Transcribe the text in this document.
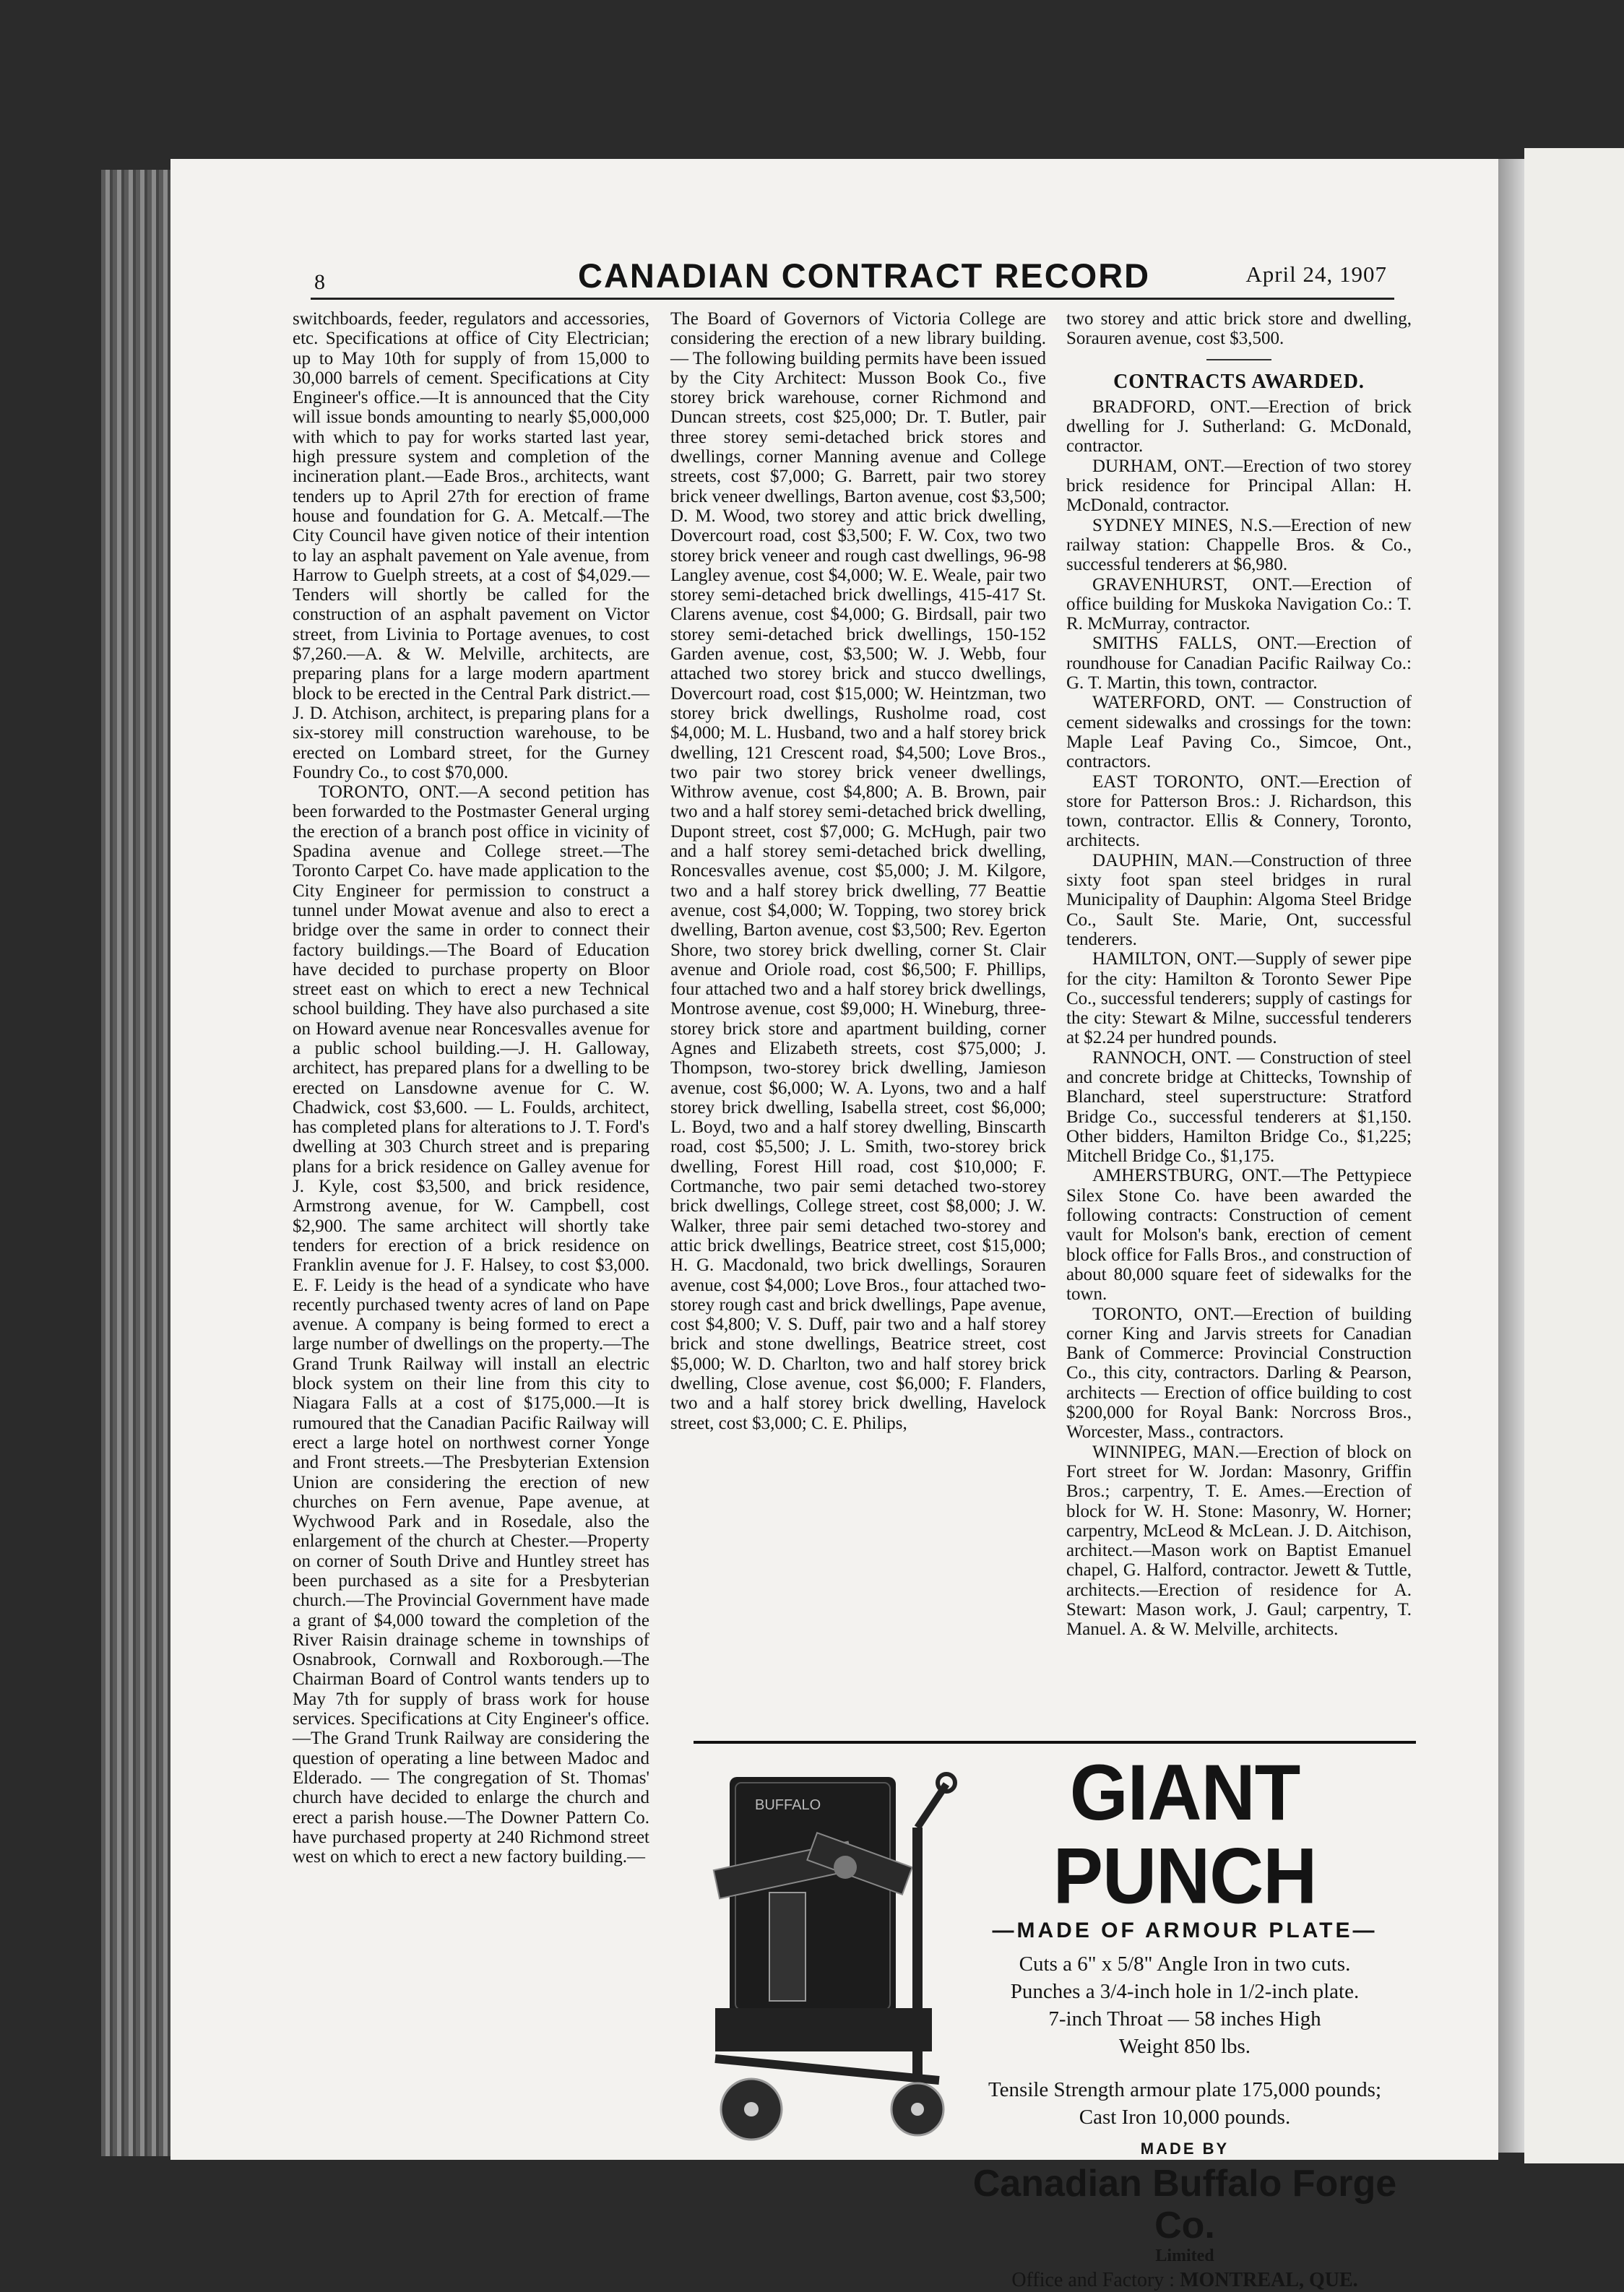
8	CANADIAN CONTRACT RECORD	April 24, 1907

switchboards, feeder, regulators and accessories, etc. Specifications at office of City Electrician; up to May 10th for supply of from 15,000 to 30,000 barrels of cement. Specifications at City Engineer's office.—It is announced that the City will issue bonds amounting to nearly $5,000,000 with which to pay for works started last year, high pressure system and completion of the incineration plant.—Eade Bros., architects, want tenders up to April 27th for erection of frame house and foundation for G. A. Metcalf.—The City Council have given notice of their intention to lay an asphalt pavement on Yale avenue, from Harrow to Guelph streets, at a cost of $4,029.—Tenders will shortly be called for the construction of an asphalt pavement on Victor street, from Livinia to Portage avenues, to cost $7,260.—A. & W. Melville, architects, are preparing plans for a large modern apartment block to be erected in the Central Park district.—J. D. Atchison, architect, is preparing plans for a six-storey mill construction warehouse, to be erected on Lombard street, for the Gurney Foundry Co., to cost $70,000.

TORONTO, ONT.—A second petition has been forwarded to the Postmaster General urging the erection of a branch post office in vicinity of Spadina avenue and College street.—The Toronto Carpet Co. have made application to the City Engineer for permission to construct a tunnel under Mowat avenue and also to erect a bridge over the same in order to connect their factory buildings.—The Board of Education have decided to purchase property on Bloor street east on which to erect a new Technical school building. They have also purchased a site on Howard avenue near Roncesvalles avenue for a public school building.—J. H. Galloway, architect, has prepared plans for a dwelling to be erected on Lansdowne avenue for C. W. Chadwick, cost $3,600. — L. Foulds, architect, has completed plans for alterations to J. T. Ford's dwelling at 303 Church street and is preparing plans for a brick residence on Galley avenue for J. Kyle, cost $3,500, and brick residence, Armstrong avenue, for W. Campbell, cost $2,900. The same architect will shortly take tenders for erection of a brick residence on Franklin avenue for J. F. Halsey, to cost $3,000. E. F. Leidy is the head of a syndicate who have recently purchased twenty acres of land on Pape avenue. A company is being formed to erect a large number of dwellings on the property.—The Grand Trunk Railway will install an electric block system on their line from this city to Niagara Falls at a cost of $175,000.—It is rumoured that the Canadian Pacific Railway will erect a large hotel on northwest corner Yonge and Front streets.—The Presbyterian Extension Union are considering the erection of new churches on Fern avenue, Pape avenue, at Wychwood Park and in Rosedale, also the enlargement of the church at Chester.—Property on corner of South Drive and Huntley street has been purchased as a site for a Presbyterian church.—The Provincial Government have made a grant of $4,000 toward the completion of the River Raisin drainage scheme in townships of Osnabrook, Cornwall and Roxborough.—The Chairman Board of Control wants tenders up to May 7th for supply of brass work for house services. Specifications at City Engineer's office.—The Grand Trunk Railway are considering the question of operating a line between Madoc and Elderado. — The congregation of St. Thomas' church have decided to enlarge the church and erect a parish house.—The Downer Pattern Co. have purchased property at 240 Richmond street west on which to erect a new factory building.—

The Board of Governors of Victoria College are considering the erection of a new library building. — The following building permits have been issued by the City Architect: Musson Book Co., five storey brick warehouse, corner Richmond and Duncan streets, cost $25,000; Dr. T. Butler, pair three storey semi-detached brick stores and dwellings, corner Manning avenue and College streets, cost $7,000; G. Barrett, pair two storey brick veneer dwellings, Barton avenue, cost $3,500; D. M. Wood, two storey and attic brick dwelling, Dovercourt road, cost $3,500; F. W. Cox, two two storey brick veneer and rough cast dwellings, 96-98 Langley avenue, cost $4,000; W. E. Weale, pair two storey semi-detached brick dwellings, 415-417 St. Clarens avenue, cost $4,000; G. Birdsall, pair two storey semi-detached brick dwellings, 150-152 Garden avenue, cost, $3,500; W. J. Webb, four attached two storey brick and stucco dwellings, Dovercourt road, cost $15,000; W. Heintzman, two storey brick dwellings, Rusholme road, cost $4,000; M. L. Husband, two and a half storey brick dwelling, 121 Crescent road, $4,500; Love Bros., two pair two storey brick veneer dwellings, Withrow avenue, cost $4,800; A. B. Brown, pair two and a half storey semi-detached brick dwelling, Dupont street, cost $7,000; G. McHugh, pair two and a half storey semi-detached brick dwelling, Roncesvalles avenue, cost $5,000; J. M. Kilgore, two and a half storey brick dwelling, 77 Beattie avenue, cost $4,000; W. Topping, two storey brick dwelling, Barton avenue, cost $3,500; Rev. Egerton Shore, two storey brick dwelling, corner St. Clair avenue and Oriole road, cost $6,500; F. Phillips, four attached two and a half storey brick dwellings, Montrose avenue, cost $9,000; H. Wineburg, three-storey brick store and apartment building, corner Agnes and Elizabeth streets, cost $75,000; J. Thompson, two-storey brick dwelling, Jamieson avenue, cost $6,000; W. A. Lyons, two and a half storey brick dwelling, Isabella street, cost $6,000; L. Boyd, two and a half storey dwelling, Binscarth road, cost $5,500; J. L. Smith, two-storey brick dwelling, Forest Hill road, cost $10,000; F. Cortmanche, two pair semi detached two-storey brick dwellings, College street, cost $8,000; J. W. Walker, three pair semi detached two-storey and attic brick dwellings, Beatrice street, cost $15,000; H. G. Macdonald, two brick dwellings, Sorauren avenue, cost $4,000; Love Bros., four attached two-storey rough cast and brick dwellings, Pape avenue, cost $4,800; V. S. Duff, pair two and a half storey brick and stone dwellings, Beatrice street, cost $5,000; W. D. Charlton, two and half storey brick dwelling, Close avenue, cost $6,000; F. Flanders, two and a half storey brick dwelling, Havelock street, cost $3,000; C. E. Philips,

two storey and attic brick store and dwelling, Sorauren avenue, cost $3,500.

CONTRACTS AWARDED.

BRADFORD, ONT.—Erection of brick dwelling for J. Sutherland: G. McDonald, contractor.

DURHAM, ONT.—Erection of two storey brick residence for Principal Allan: H. McDonald, contractor.

SYDNEY MINES, N.S.—Erection of new railway station: Chappelle Bros. & Co., successful tenderers at $6,980.

GRAVENHURST, ONT.—Erection of office building for Muskoka Navigation Co.: T. R. McMurray, contractor.

SMITHS FALLS, ONT.—Erection of roundhouse for Canadian Pacific Railway Co.: G. T. Martin, this town, contractor.

WATERFORD, ONT. — Construction of cement sidewalks and crossings for the town: Maple Leaf Paving Co., Simcoe, Ont., contractors.

EAST TORONTO, ONT.—Erection of store for Patterson Bros.: J. Richardson, this town, contractor. Ellis & Connery, Toronto, architects.

DAUPHIN, MAN.—Construction of three sixty foot span steel bridges in rural Municipality of Dauphin: Algoma Steel Bridge Co., Sault Ste. Marie, Ont, successful tenderers.

HAMILTON, ONT.—Supply of sewer pipe for the city: Hamilton & Toronto Sewer Pipe Co., successful tenderers; supply of castings for the city: Stewart & Milne, successful tenderers at $2.24 per hundred pounds.

RANNOCH, ONT. — Construction of steel and concrete bridge at Chittecks, Township of Blanchard, steel superstructure: Stratford Bridge Co., successful tenderers at $1,150. Other bidders, Hamilton Bridge Co., $1,225; Mitchell Bridge Co., $1,175.

AMHERSTBURG, ONT.—The Pettypiece Silex Stone Co. have been awarded the following contracts: Construction of cement vault for Molson's bank, erection of cement block office for Falls Bros., and construction of about 80,000 square feet of sidewalks for the town.

TORONTO, ONT.—Erection of building corner King and Jarvis streets for Canadian Bank of Commerce: Provincial Construction Co., this city, contractors. Darling & Pearson, architects — Erection of office building to cost $200,000 for Royal Bank: Norcross Bros., Worcester, Mass., contractors.

WINNIPEG, MAN.—Erection of block on Fort street for W. Jordan: Masonry, Griffin Bros.; carpentry, T. E. Ames.—Erection of block for W. H. Stone: Masonry, W. Horner; carpentry, McLeod & McLean. J. D. Aitchison, architect.—Mason work on Baptist Emanuel chapel, G. Halford, contractor. Jewett & Tuttle, architects.—Erection of residence for A. Stewart: Mason work, J. Gaul; carpentry, T. Manuel. A. & W. Melville, architects.

BUFFALO	GIANT PUNCH
—MADE OF ARMOUR PLATE—
Cuts a 6" x 5/8" Angle Iron in two cuts.
Punches a 3/4-inch hole in 1/2-inch plate.
7-inch Throat — 58 inches High
Weight 850 lbs.
Tensile Strength armour plate 175,000 pounds;
Cast Iron 10,000 pounds.
MADE BY
Canadian Buffalo Forge Co.
Limited
Office and Factory : MONTREAL, QUE.
